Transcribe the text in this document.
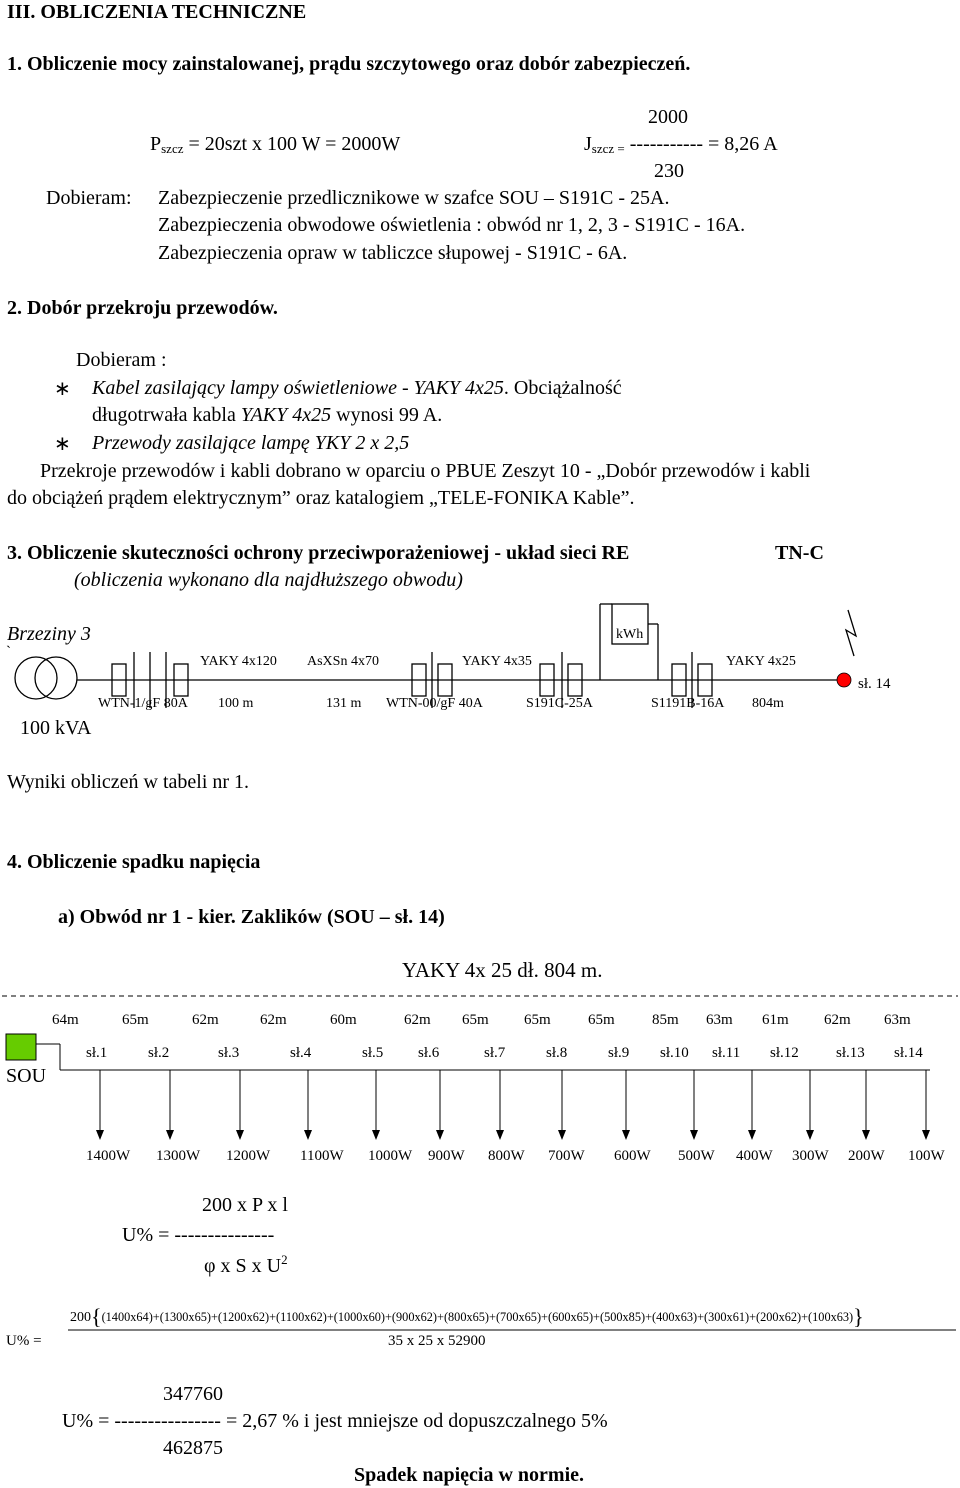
III. OBLICZENIA TECHNICZNE
1. Obliczenie mocy zainstalowanej, prądu szczytowego oraz dobór zabezpieczeń.
2000
$P_{szcz} = 20szt$ x 100 W = 2000W	$J_{szcz =}$ ----------- = 8,26 A
230
Dobieram: Zabezpieczenie przedlicznikowe w szafce SOU – S191C - 25A.
Zabezpieczenia obwodowe oświetlenia : obwód nr 1, 2, 3 - S191C - 16A.
Zabezpieczenia opraw w tabliczce słupowej - S191C - 6A.
2. Dobór przekroju przewodów.
Dobieram :
∗ Kabel zasilający lampy oświetleniowe - YAKY 4x25. Obciążalność
długotrwała kabla YAKY 4x25 wynosi 99 A.
∗ Przewody zasilające lampę YKY 2 x 2,5
Przekroje przewodów i kabli dobrano w oparciu o PBUE Zeszyt 10 - „Dobór przewodów i kabli
do obciążeń prądem elektrycznym” oraz katalogiem „TELE-FONIKA Kable”.
3. Obliczenie skuteczności ochrony przeciwporażeniowej - układ sieci RE	TN-C
(obliczenia wykonano dla najdłuższego obwodu)
Brzeziny 3
`
100 kVA
kWh
YAKY 4x120 AsXSn 4x70	YAKY 4x35	YAKY 4x25
WTN-1/gF 80A 100 m	131 m WTN-00/gF 40A	S191C-25A	S1191B-16A 804m
sł. 14
Wyniki obliczeń w tabeli nr 1.
4. Obliczenie spadku napięcia
a) Obwód nr 1 - kier. Zaklików (SOU – sł. 14)
YAKY 4x 25 dł. 804 m.
SOU
64m	65m	62m	62m	60m	62m 65m 65m 65m 85m 63m 61m 62m 63m
sł.1	sł.2	sł.3	sł.4	sł.5 sł.6	sł.7	sł.8	sł.9 sł.10 sł.11 sł.12 sł.13 sł.14
1400W 1300W 1200W 1100W 1000W 900W 800W 700W 600W 500W 400W 300W 200W 100W
200 x P x l
U% = ---------------
φ x S x $U^2$
200{(1400x64)+(1300x65)+(1200x62)+(1100x62)+(1000x60)+(900x62)+(800x65)+(700x65)+(600x65)+(500x85)+(400x63)+(300x61)+(200x62)+(100x63)}
U% =	35 x 25 x 52900
347760
U% = ---------------- = 2,67 % i jest mniejsze od dopuszczalnego 5%
462875
Spadek napięcia w normie.
